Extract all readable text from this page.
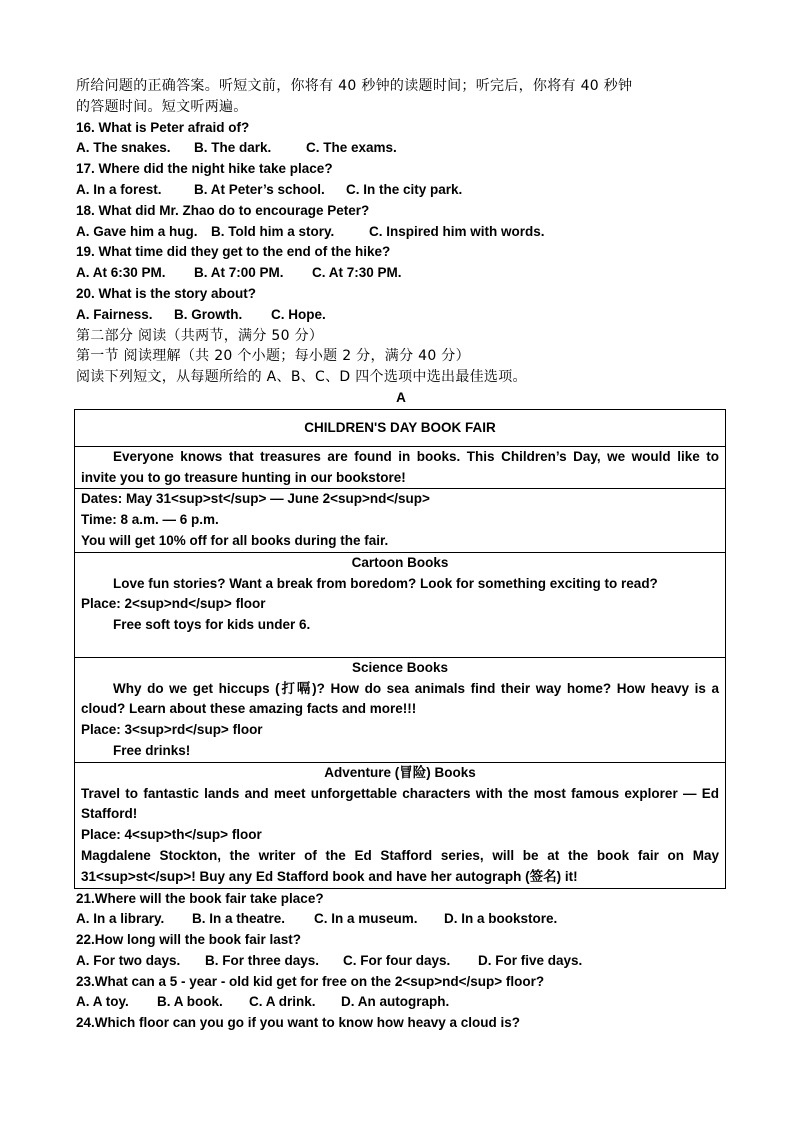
所给问题的正确答案。听短文前，你将有 40 秒钟的读题时间；听完后，你将有 40 秒钟
的答题时间。短文听两遍。
16. What is Peter afraid of?
A. The snakes. B. The dark.	C. The exams.
17. Where did the night hike take place?
A. In a forest. B. At Peter’s school. C. In the city park.
18. What did Mr. Zhao do to encourage Peter?
A. Gave him a hug. B. Told him a story.	C. Inspired him with words.
19. What time did they get to the end of the hike?
A. At 6:30 PM. B. At 7:00 PM. C. At 7:30 PM.
20. What is the story about?
A. Fairness. B. Growth. C. Hope.
第二部分 阅读（共两节，满分 50 分）
第一节 阅读理解（共 20 个小题；每小题 2 分，满分 40 分）
阅读下列短文，从每题所给的 A、B、C、D 四个选项中选出最佳选项。
A
CHILDREN'S DAY BOOK FAIR
Everyone knows that treasures are found in books. This Children’s Day, we would like to invite you to go treasure hunting in our bookstore!

Dates: May 31<sup>st</sup> — June 2<sup>nd</sup>
Time: 8 a.m. — 6 p.m.
You will get 10% off for all books during the fair.

Cartoon Books
Love fun stories? Want a break from boredom? Look for something exciting to read?
Place: 2<sup>nd</sup> floor
Free soft toys for kids under 6.

Science Books
Why do we get hiccups (打嗝)? How do sea animals find their way home? How heavy is a cloud? Learn about these amazing facts and more!!!
Place: 3<sup>rd</sup> floor
Free drinks!

Adventure (冒险) Books
Travel to fantastic lands and meet unforgettable characters with the most famous explorer — Ed Stafford!
Place: 4<sup>th</sup> floor
Magdalene Stockton, the writer of the Ed Stafford series, will be at the book fair on May 31<sup>st</sup>! Buy any Ed Stafford book and have her autograph (签名) it!
21.Where will the book fair take place?
A. In a library. B. In a theatre. C. In a museum. D. In a bookstore.
22.How long will the book fair last?
A. For two days. B. For three days. C. For four days. D. For five days.
23.What can a 5 - year - old kid get for free on the 2<sup>nd</sup> floor?
A. A toy. B. A book. C. A drink. D. An autograph.
24.Which floor can you go if you want to know how heavy a cloud is?
